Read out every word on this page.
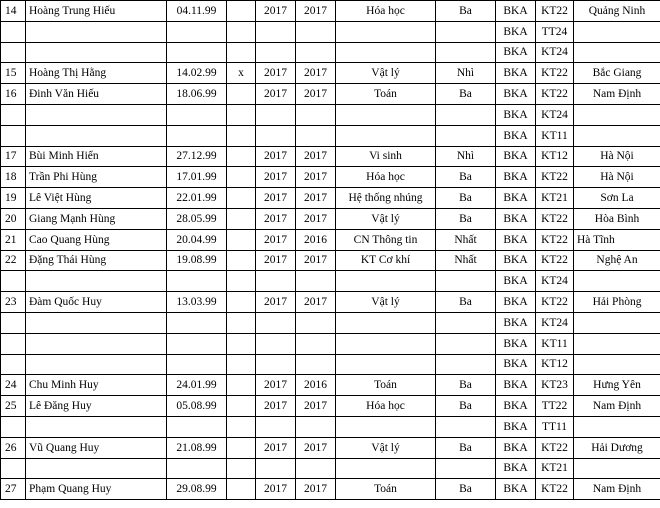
14	Hoàng Trung Hiếu	04.11.99		2017	2017	Hóa học	Ba	BKA	KT22	Quảng Ninh
								BKA	TT24	
								BKA	KT24	
15	Hoàng Thị Hằng	14.02.99	x	2017	2017	Vật lý	Nhì	BKA	KT22	Bắc Giang
16	Đinh Văn Hiếu	18.06.99		2017	2017	Toán	Ba	BKA	KT22	Nam Định
								BKA	KT24	
								BKA	KT11	
17	Bùi Minh Hiển	27.12.99		2017	2017	Vi sinh	Nhì	BKA	KT12	Hà Nội
18	Trần Phi Hùng	17.01.99		2017	2017	Hóa học	Ba	BKA	KT22	Hà Nội
19	Lê Việt Hùng	22.01.99		2017	2017	Hệ thống nhúng	Ba	BKA	KT21	Sơn La
20	Giang Mạnh Hùng	28.05.99		2017	2017	Vật lý	Ba	BKA	KT22	Hòa Bình
21	Cao Quang Hùng	20.04.99		2017	2016	CN Thông tin	Nhất	BKA	KT22	Hà Tĩnh
22	Đặng Thái Hùng	19.08.99		2017	2017	KT Cơ khí	Nhất	BKA	KT22	Nghệ An
								BKA	KT24	
23	Đàm Quốc Huy	13.03.99		2017	2017	Vật lý	Ba	BKA	KT22	Hải Phòng
								BKA	KT24	
								BKA	KT11	
								BKA	KT12	
24	Chu Minh Huy	24.01.99		2017	2016	Toán	Ba	BKA	KT23	Hưng Yên
25	Lê Đăng Huy	05.08.99		2017	2017	Hóa học	Ba	BKA	TT22	Nam Định
								BKA	TT11	
26	Vũ Quang Huy	21.08.99		2017	2017	Vật lý	Ba	BKA	KT22	Hải Dương
								BKA	KT21	
27	Phạm Quang Huy	29.08.99		2017	2017	Toán	Ba	BKA	KT22	Nam Định
